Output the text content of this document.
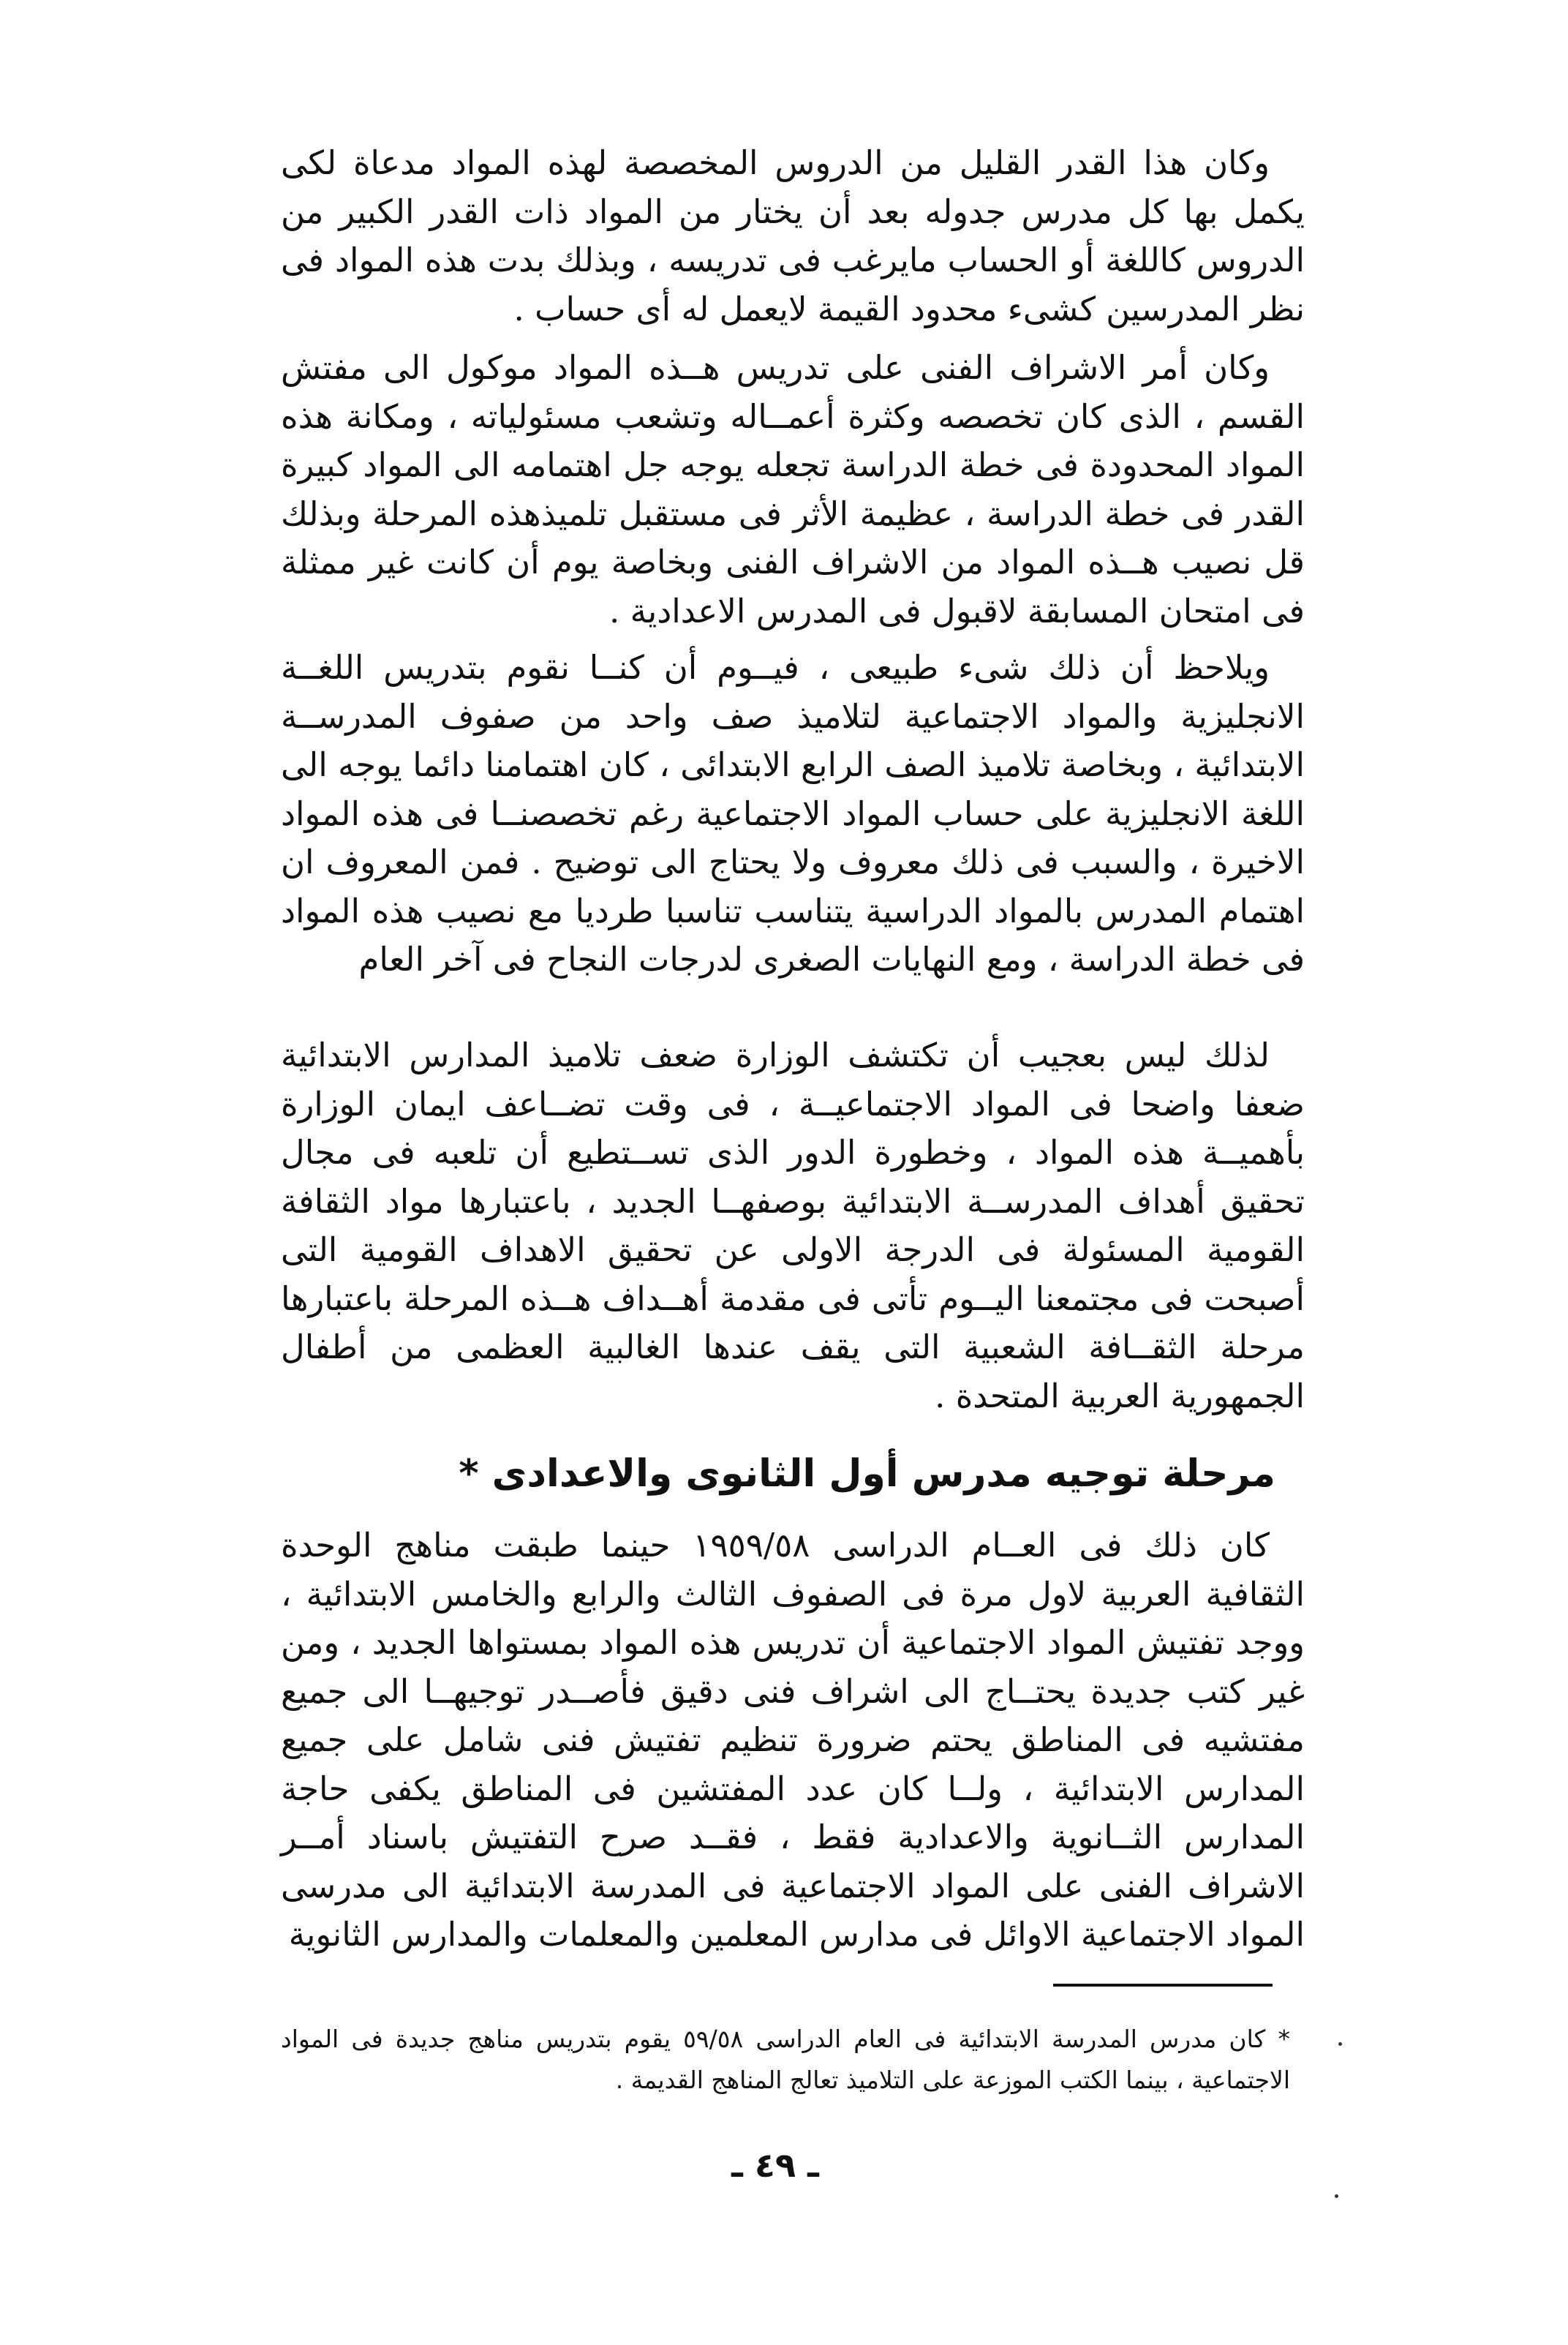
وكان هذا القدر القليل من الدروس المخصصة لهذه المواد مدعاة لكى يكمل بها كل مدرس جدوله بعد أن يختار من المواد ذات القدر الكبير من الدروس كاللغة أو الحساب مايرغب فى تدريسه ، وبذلك بدت هذه المواد فى نظر المدرسين كشىء محدود القيمة لايعمل له أى حساب .

وكان أمر الاشراف الفنى على تدريس هــذه المواد موكول الى مفتش القسم ، الذى كان تخصصه وكثرة أعمــاله وتشعب مسئولياته ، ومكانة هذه المواد المحدودة فى خطة الدراسة تجعله يوجه جل اهتمامه الى المواد كبيرة القدر فى خطة الدراسة ، عظيمة الأثر فى مستقبل تلميذهذه المرحلة وبذلك قل نصيب هــذه المواد من الاشراف الفنى وبخاصة يوم أن كانت غير ممثلة فى امتحان المسابقة لاقبول فى المدرس الاعدادية .

ويلاحظ أن ذلك شىء طبيعى ، فيــوم أن كنــا نقوم بتدريس اللغــة الانجليزية والمواد الاجتماعية لتلاميذ صف واحد من صفوف المدرســة الابتدائية ، وبخاصة تلاميذ الصف الرابع الابتدائى ، كان اهتمامنا دائما يوجه الى اللغة الانجليزية على حساب المواد الاجتماعية رغم تخصصنــا فى هذه المواد الاخيرة ، والسبب فى ذلك معروف ولا يحتاج الى توضيح . فمن المعروف ان اهتمام المدرس بالمواد الدراسية يتناسب تناسبا طرديا مع نصيب هذه المواد فى خطة الدراسة ، ومع النهايات الصغرى لدرجات النجاح فى آخر العام

لذلك ليس بعجيب أن تكتشف الوزارة ضعف تلاميذ المدارس الابتدائية ضعفا واضحا فى المواد الاجتماعيــة ، فى وقت تضــاعف ايمان الوزارة بأهميــة هذه المواد ، وخطورة الدور الذى تســتطيع أن تلعبه فى مجال تحقيق أهداف المدرســة الابتدائية بوصفهــا الجديد ، باعتبارها مواد الثقافة القومية المسئولة فى الدرجة الاولى عن تحقيق الاهداف القومية التى أصبحت فى مجتمعنا اليــوم تأتى فى مقدمة أهــداف هــذه المرحلة باعتبارها مرحلة الثقــافة الشعبية التى يقف عندها الغالبية العظمى من أطفال الجمهورية العربية المتحدة .

مرحلة توجيه مدرس أول الثانوى والاعدادى *

كان ذلك فى العــام الدراسى ١٩٥٩/٥٨ حينما طبقت مناهج الوحدة الثقافية العربية لاول مرة فى الصفوف الثالث والرابع والخامس الابتدائية ، ووجد تفتيش المواد الاجتماعية أن تدريس هذه المواد بمستواها الجديد ، ومن غير كتب جديدة يحتــاج الى اشراف فنى دقيق فأصــدر توجيهــا الى جميع مفتشيه فى المناطق يحتم ضرورة تنظيم تفتيش فنى شامل على جميع المدارس الابتدائية ، ولــا كان عدد المفتشين فى المناطق يكفى حاجة المدارس الثــانوية والاعدادية فقط ، فقــد صرح التفتيش باسناد أمــر الاشراف الفنى على المواد الاجتماعية فى المدرسة الابتدائية الى مدرسى المواد الاجتماعية الاوائل فى مدارس المعلمين والمعلمات والمدارس الثانوية

* كان مدرس المدرسة الابتدائية فى العام الدراسى ٥٩/٥٨ يقوم بتدريس مناهج جديدة فى المواد الاجتماعية ، بينما الكتب الموزعة على التلاميذ تعالج المناهج القديمة .

ـ ٤٩ ـ
